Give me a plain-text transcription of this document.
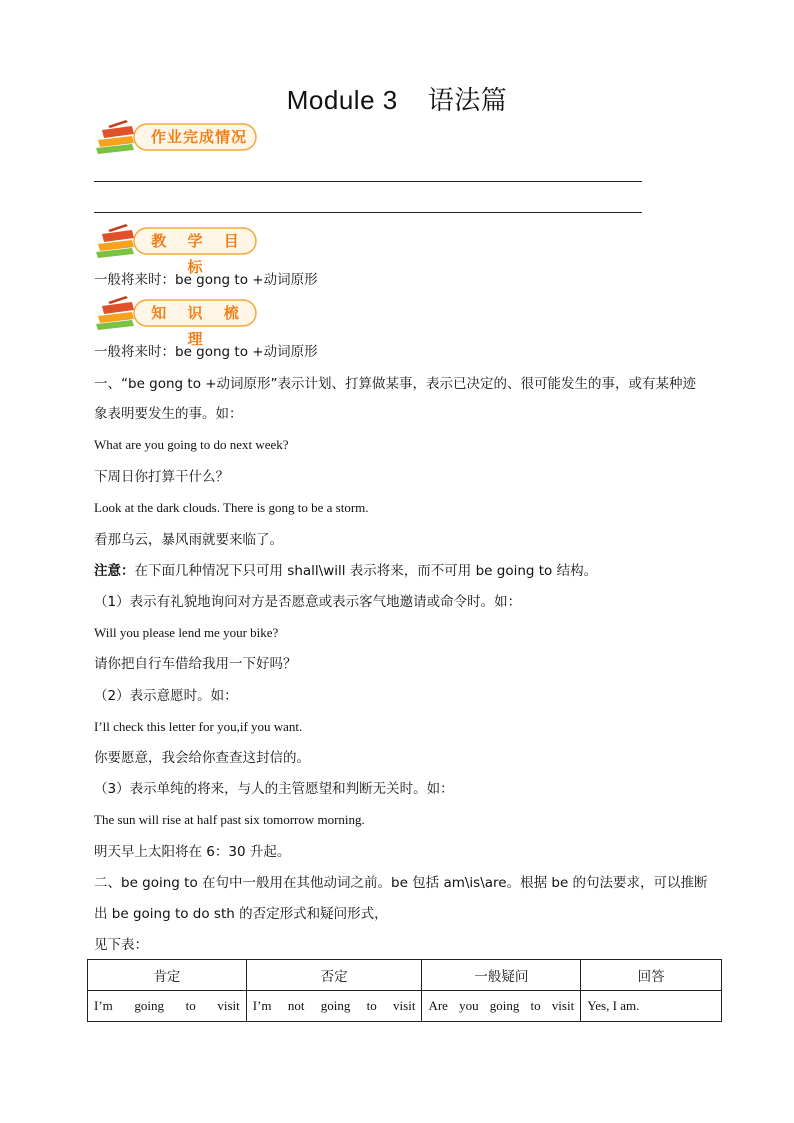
Module 3 语法篇
作业完成情况
教 学 目 标
一般将来时：be gong to +动词原形
知 识 梳 理
一般将来时：be gong to +动词原形
一、“be gong to +动词原形”表示计划、打算做某事，表示已决定的、很可能发生的事，或有某种迹
象表明要发生的事。如：
What are you going to do next week?
下周日你打算干什么？
Look at the dark clouds. There is gong to be a storm.
看那乌云，暴风雨就要来临了。
注意：在下面几种情况下只可用 shall\will 表示将来，而不可用 be going to 结构。
（1）表示有礼貌地询问对方是否愿意或表示客气地邀请或命令时。如：
Will you please lend me your bike?
请你把自行车借给我用一下好吗？
（2）表示意愿时。如：
I’ll check this letter for you,if you want.
你要愿意，我会给你查查这封信的。
（3）表示单纯的将来，与人的主管愿望和判断无关时。如：
The sun will rise at half past six tomorrow morning.
明天早上太阳将在 6：30 升起。
二、be going to 在句中一般用在其他动词之前。be 包括 am\is\are。根据 be 的句法要求，可以推断
出 be going to do sth 的否定形式和疑问形式，
见下表：
肯定	否定	一般疑问	回答
I’m going to visit	I’m not going to visit	Are you going to visit	Yes, I am.
